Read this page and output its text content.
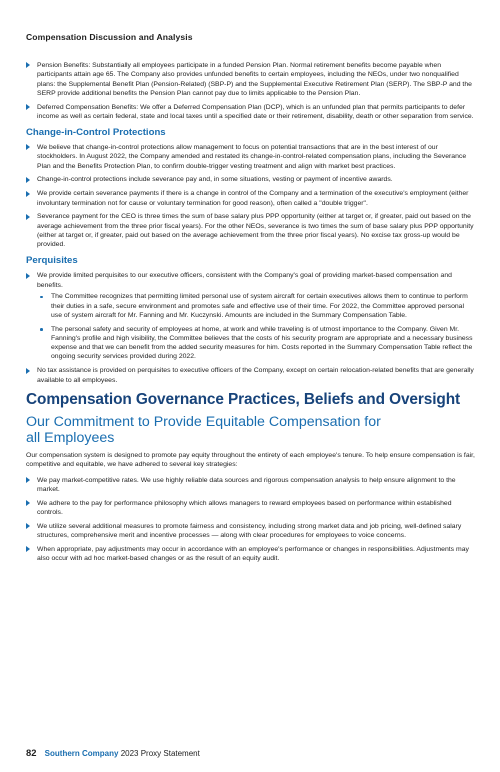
Compensation Discussion and Analysis
Pension Benefits: Substantially all employees participate in a funded Pension Plan. Normal retirement benefits become payable when participants attain age 65. The Company also provides unfunded benefits to certain employees, including the NEOs, under two nonqualified plans: the Supplemental Benefit Plan (Pension-Related) (SBP-P) and the Supplemental Executive Retirement Plan (SERP). The SBP-P and the SERP provide additional benefits the Pension Plan cannot pay due to limits applicable to the Pension Plan.
Deferred Compensation Benefits: We offer a Deferred Compensation Plan (DCP), which is an unfunded plan that permits participants to defer income as well as certain federal, state and local taxes until a specified date or their retirement, disability, death or other separation from service.
Change-in-Control Protections
We believe that change-in-control protections allow management to focus on potential transactions that are in the best interest of our stockholders. In August 2022, the Company amended and restated its change-in-control-related compensation plans, including the Severance Plan and the Benefits Protection Plan, to confirm double-trigger vesting treatment and align with market best practices.
Change-in-control protections include severance pay and, in some situations, vesting or payment of incentive awards.
We provide certain severance payments if there is a change in control of the Company and a termination of the executive's employment (either involuntary termination not for cause or voluntary termination for good reason), often called a "double trigger".
Severance payment for the CEO is three times the sum of base salary plus PPP opportunity (either at target or, if greater, paid out based on the average achievement from the three prior fiscal years). For the other NEOs, severance is two times the sum of base salary plus PPP opportunity (either at target or, if greater, paid out based on the average achievement from the three prior fiscal years). No excise tax gross-up would be provided.
Perquisites
We provide limited perquisites to our executive officers, consistent with the Company's goal of providing market-based compensation and benefits.
The Committee recognizes that permitting limited personal use of system aircraft for certain executives allows them to continue to perform their duties in a safe, secure environment and promotes safe and effective use of their time. For 2022, the Committee approved personal use of system aircraft for Mr. Fanning and Mr. Kuczynski. Amounts are included in the Summary Compensation Table.
The personal safety and security of employees at home, at work and while traveling is of utmost importance to the Company. Given Mr. Fanning's profile and high visibility, the Committee believes that the costs of his security program are appropriate and a necessary business expense and that we can benefit from the added security measures for him. Costs reported in the Summary Compensation Table reflect the ongoing security services provided during 2022.
No tax assistance is provided on perquisites to executive officers of the Company, except on certain relocation-related benefits that are generally available to all employees.
Compensation Governance Practices, Beliefs and Oversight
Our Commitment to Provide Equitable Compensation for all Employees

Our compensation system is designed to promote pay equity throughout the entirety of each employee's tenure. To help ensure compensation is fair, competitive and equitable, we have adhered to several key strategies:

We pay market-competitive rates. We use highly reliable data sources and rigorous compensation analysis to help ensure alignment to the market.
We adhere to the pay for performance philosophy which allows managers to reward employees based on performance within established controls.
We utilize several additional measures to promote fairness and consistency, including strong market data and job pricing, well-defined salary structures, comprehensive merit and incentive processes — along with clear procedures for employees to voice concerns.
When appropriate, pay adjustments may occur in accordance with an employee's performance or changes in responsibilities. Adjustments may also occur with ad hoc market-based changes or as the result of an equity audit.
82 Southern Company 2023 Proxy Statement
